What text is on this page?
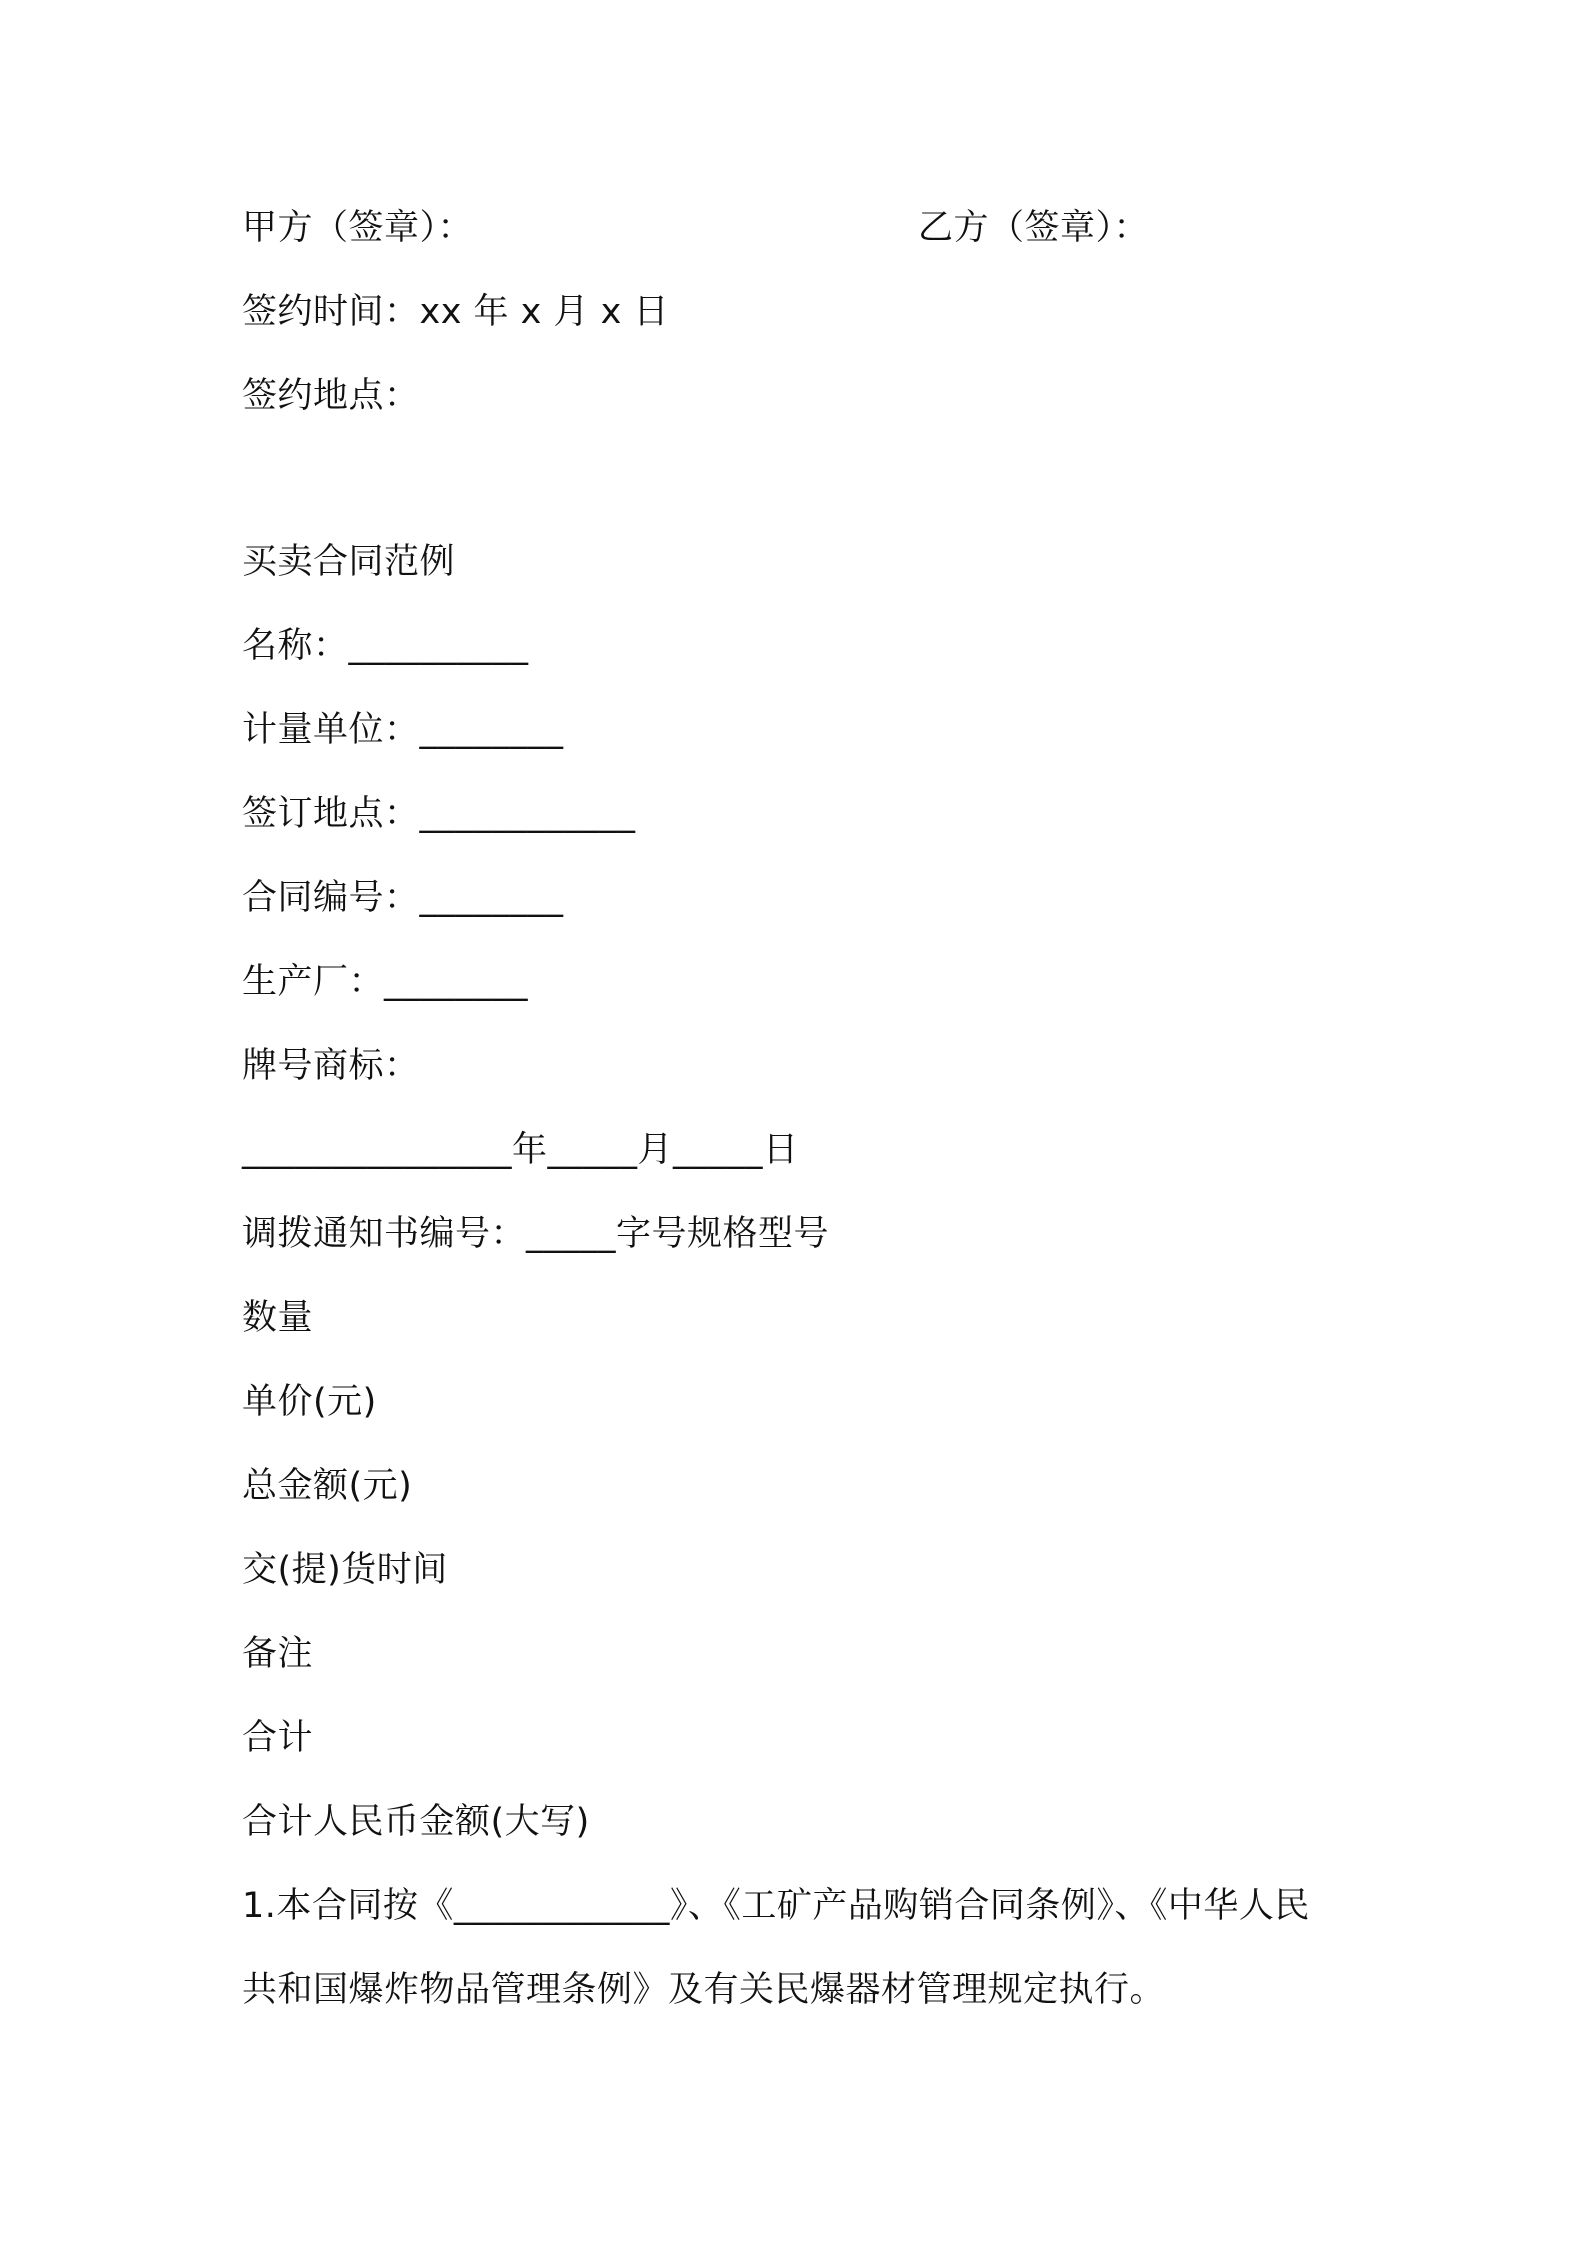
甲方（签章）：	乙方（签章）：
签约时间：xx 年 x 月 x 日
签约地点：
买卖合同范例
名称：__________
计量单位：________
签订地点：____________
合同编号：________
生产厂：________
牌号商标：
_______________年_____月_____日
调拨通知书编号：_____字号规格型号
数量
单价(元)
总金额(元)
交(提)货时间
备注
合计
合计人民币金额(大写)
1.本合同按《____________》、《工矿产品购销合同条例》、《中华人民
共和国爆炸物品管理条例》及有关民爆器材管理规定执行。
